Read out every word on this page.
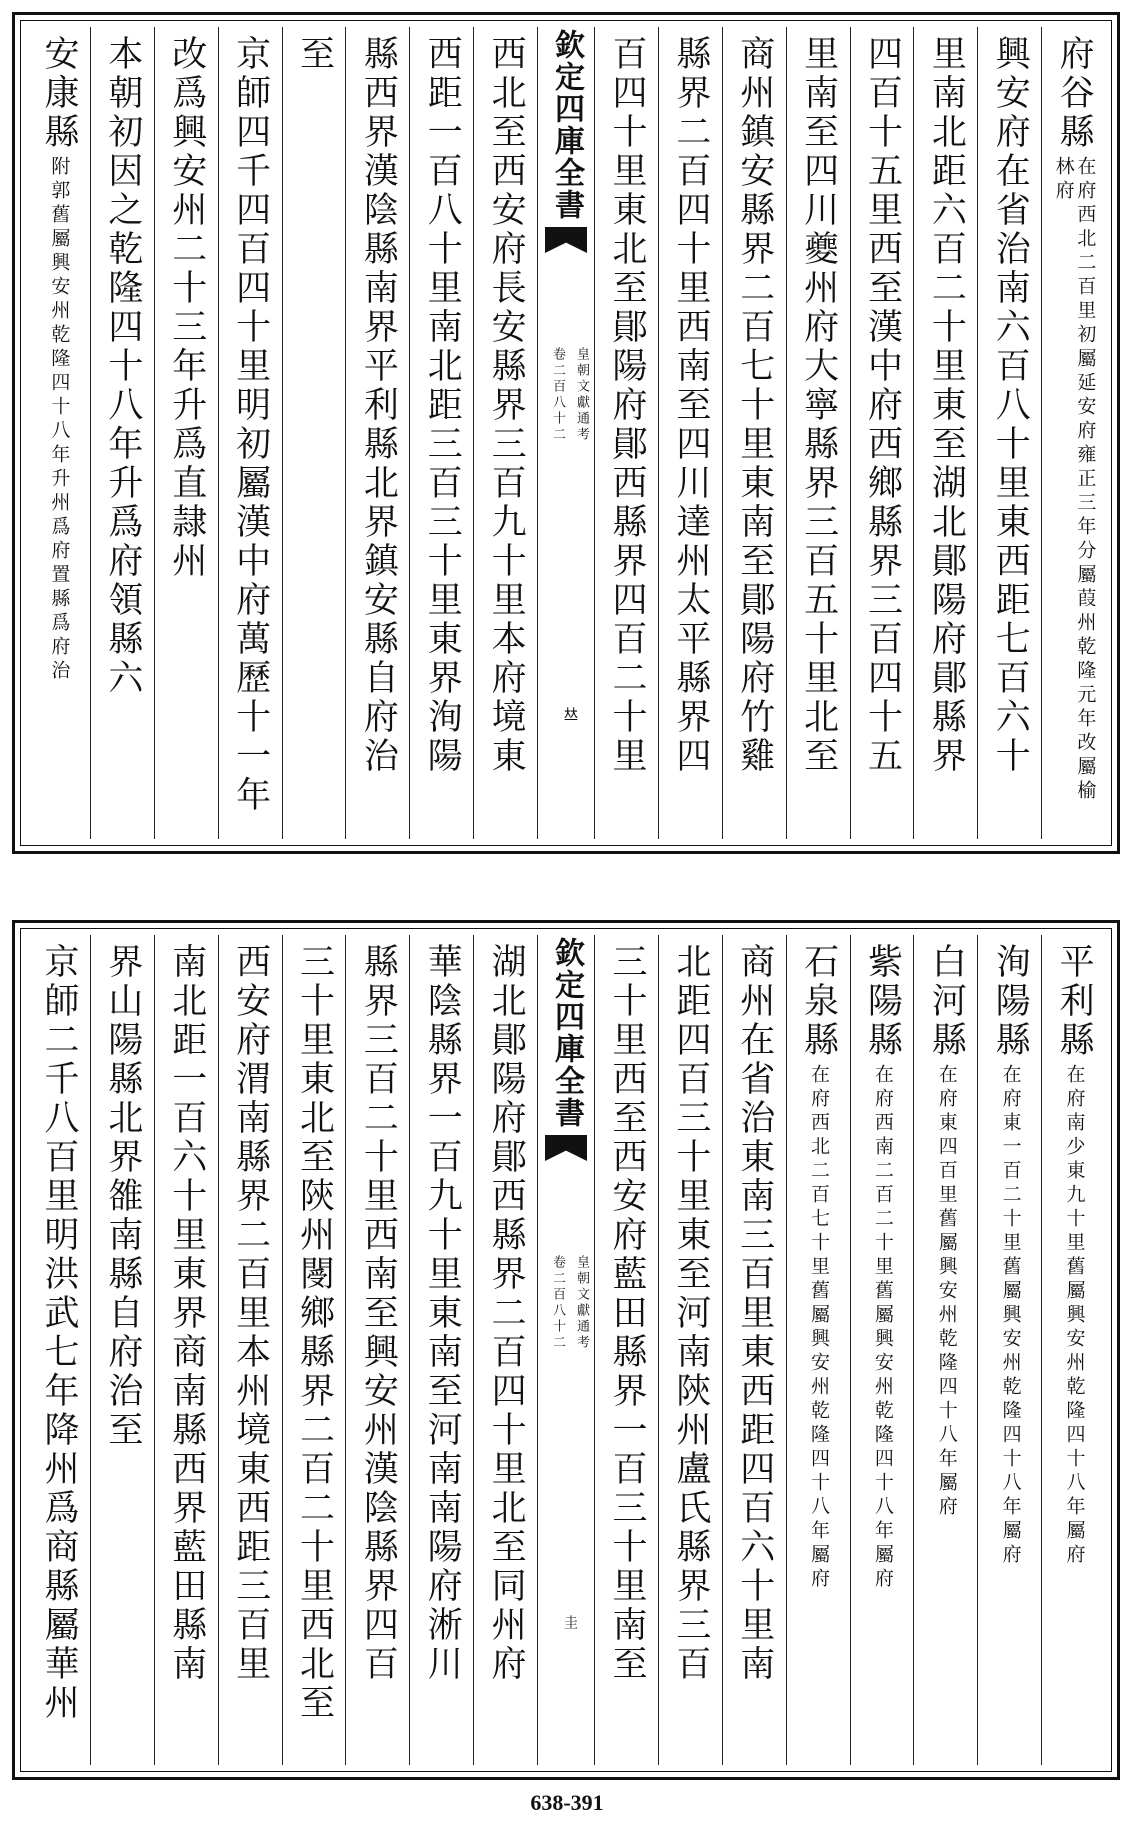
府谷縣
在府西北二百里初屬延安府雍正三年分屬葭州乾隆元年改屬榆林府
興安府在省治南六百八十里東西距七百六十
里南北距六百二十里東至湖北鄖陽府鄖縣界
四百十五里西至漢中府西鄉縣界三百四十五
里南至四川夔州府大寧縣界三百五十里北至
商州鎮安縣界二百七十里東南至鄖陽府竹雞
縣界二百四十里西南至四川達州太平縣界四
百四十里東北至鄖陽府鄖西縣界四百二十里
欽定四庫全書
皇朝文獻通考
卷二百八十二
𠀤
西北至西安府長安縣界三百九十里本府境東
西距一百八十里南北距三百三十里東界洵陽
縣西界漢陰縣南界平利縣北界鎮安縣自府治
至
京師四千四百四十里明初屬漢中府萬歷十一年
改爲興安州二十三年升爲直隷州
本朝初因之乾隆四十八年升爲府領縣六
安康縣
附郭舊屬興安州乾隆四十八年升州爲府置縣爲府治
平利縣
在府南少東九十里舊屬興安州乾隆四十八年屬府
洵陽縣
在府東一百二十里舊屬興安州乾隆四十八年屬府
白河縣
在府東四百里舊屬興安州乾隆四十八年屬府
紫陽縣
在府西南二百二十里舊屬興安州乾隆四十八年屬府
石泉縣
在府西北二百七十里舊屬興安州乾隆四十八年屬府
商州在省治東南三百里東西距四百六十里南
北距四百三十里東至河南陝州盧氏縣界三百
三十里西至西安府藍田縣界一百三十里南至
欽定四庫全書
皇朝文獻通考
卷二百八十二
圭
湖北鄖陽府鄖西縣界二百四十里北至同州府
華陰縣界一百九十里東南至河南南陽府淅川
縣界三百二十里西南至興安州漢陰縣界四百
三十里東北至陝州閿鄉縣界二百二十里西北至
西安府渭南縣界二百里本州境東西距三百里
南北距一百六十里東界商南縣西界藍田縣南
界山陽縣北界雒南縣自府治至
京師二千八百里明洪武七年降州爲商縣屬華州
638-391
